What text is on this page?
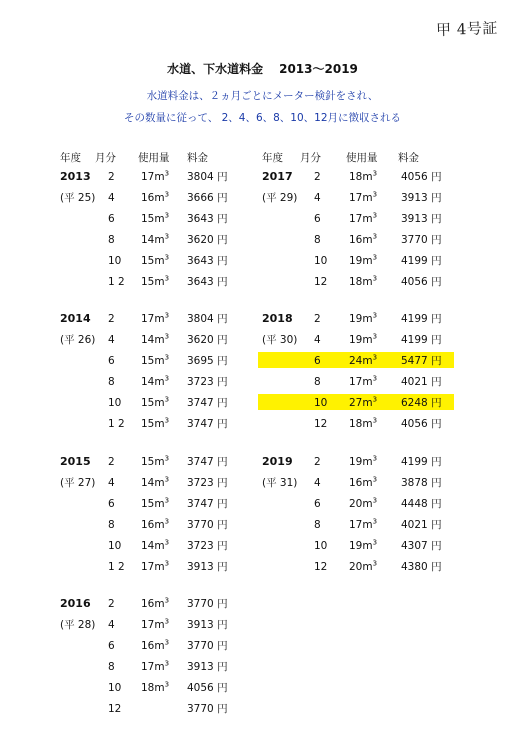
甲 4号証
水道、下水道料金 2013〜2019
水道料金は、２ヵ月ごとにメーター検針をされ、
その数量に従って、 2、4、6、8、10、12月に徴収される
年度 月分 使用量 料金	年度 月分 使用量 料金
2013 2	$17m^3$ 3804 円
(平 25) 4	$16m^3$ 3666 円
6	$15m^3$ 3643 円
8	$14m^3$ 3620 円
10 $15m^3$ 3643 円
1 2 $15m^3$ 3643 円
2014 2	$17m^3$ 3804 円
(平 26) 4	$14m^3$ 3620 円
6	$15m^3$ 3695 円
8	$14m^3$ 3723 円
10 $15m^3$ 3747 円
1 2 $15m^3$ 3747 円
2015 2	$15m^3$ 3747 円
(平 27) 4	$14m^3$ 3723 円
6	$15m^3$ 3747 円
8	$16m^3$ 3770 円
10 $14m^3$ 3723 円
1 2 $17m^3$ 3913 円
2016 2	$16m^3$ 3770 円
(平 28) 4	$17m^3$ 3913 円
6	$16m^3$ 3770 円
8	$17m^3$ 3913 円
10 $18m^3$ 4056 円
12	3770 円
2017 2	$18m^3$ 4056 円
(平 29) 4	$17m^3$ 3913 円
6	$17m^3$ 3913 円
8	$16m^3$ 3770 円
10 $19m^3$ 4199 円
12 $18m^3$ 4056 円
2018 2	$19m^3$ 4199 円
(平 30) 4	$19m^3$ 4199 円
6	$24m^3$ 5477 円
8	$17m^3$ 4021 円
10 $27m^3$ 6248 円
12 $18m^3$ 4056 円
2019 2	$19m^3$ 4199 円
(平 31) 4	$16m^3$ 3878 円
6	$20m^3$ 4448 円
8	$17m^3$ 4021 円
10 $19m^3$ 4307 円
12 $20m^3$ 4380 円
